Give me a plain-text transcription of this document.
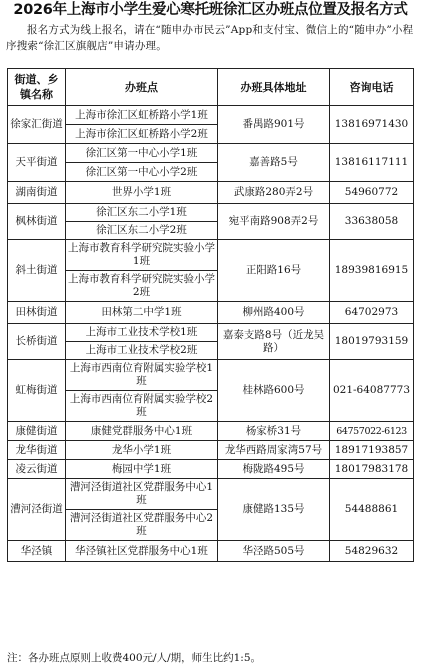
2026年上海市小学生爱心寒托班徐汇区办班点位置及报名方式
报名方式为线上报名，请在“随申办市民云”App和支付宝、微信上的“随申办”小程序搜索“徐汇区旗舰店”申请办理。
街道、乡镇名称	办班点	办班具体地址	咨询电话
徐家汇街道	上海市徐汇区虹桥路小学1班	番禺路901号	13816971430
	上海市徐汇区虹桥路小学2班		
天平街道	徐汇区第一中心小学1班	嘉善路5号	13816117111
	徐汇区第一中心小学2班		
湖南街道	世界小学1班	武康路280弄2号	54960772
枫林街道	徐汇区东二小学1班	宛平南路908弄2号	33638058
	徐汇区东二小学2班		
斜土街道	上海市教育科学研究院实验小学1班	正阳路16号	18939816915
	上海市教育科学研究院实验小学2班		
田林街道	田林第二中学1班	柳州路400号	64702973
长桥街道	上海市工业技术学校1班	嘉泰支路8号（近龙吴路）	18019793159
	上海市工业技术学校2班		
虹梅街道	上海市西南位育附属实验学校1班	桂林路600号	021-64087773
	上海市西南位育附属实验学校2班		
康健街道	康健党群服务中心1班	杨家桥31号	64757022-6123
龙华街道	龙华小学1班	龙华西路周家湾57号	18917193857
凌云街道	梅园中学1班	梅陇路495号	18017983178
漕河泾街道	漕河泾街道社区党群服务中心1班	康健路135号	54488861
	漕河泾街道社区党群服务中心2班		
华泾镇	华泾镇社区党群服务中心1班	华泾路505号	54829632
注：各办班点原则上收费400元/人/期，师生比约1:5。
